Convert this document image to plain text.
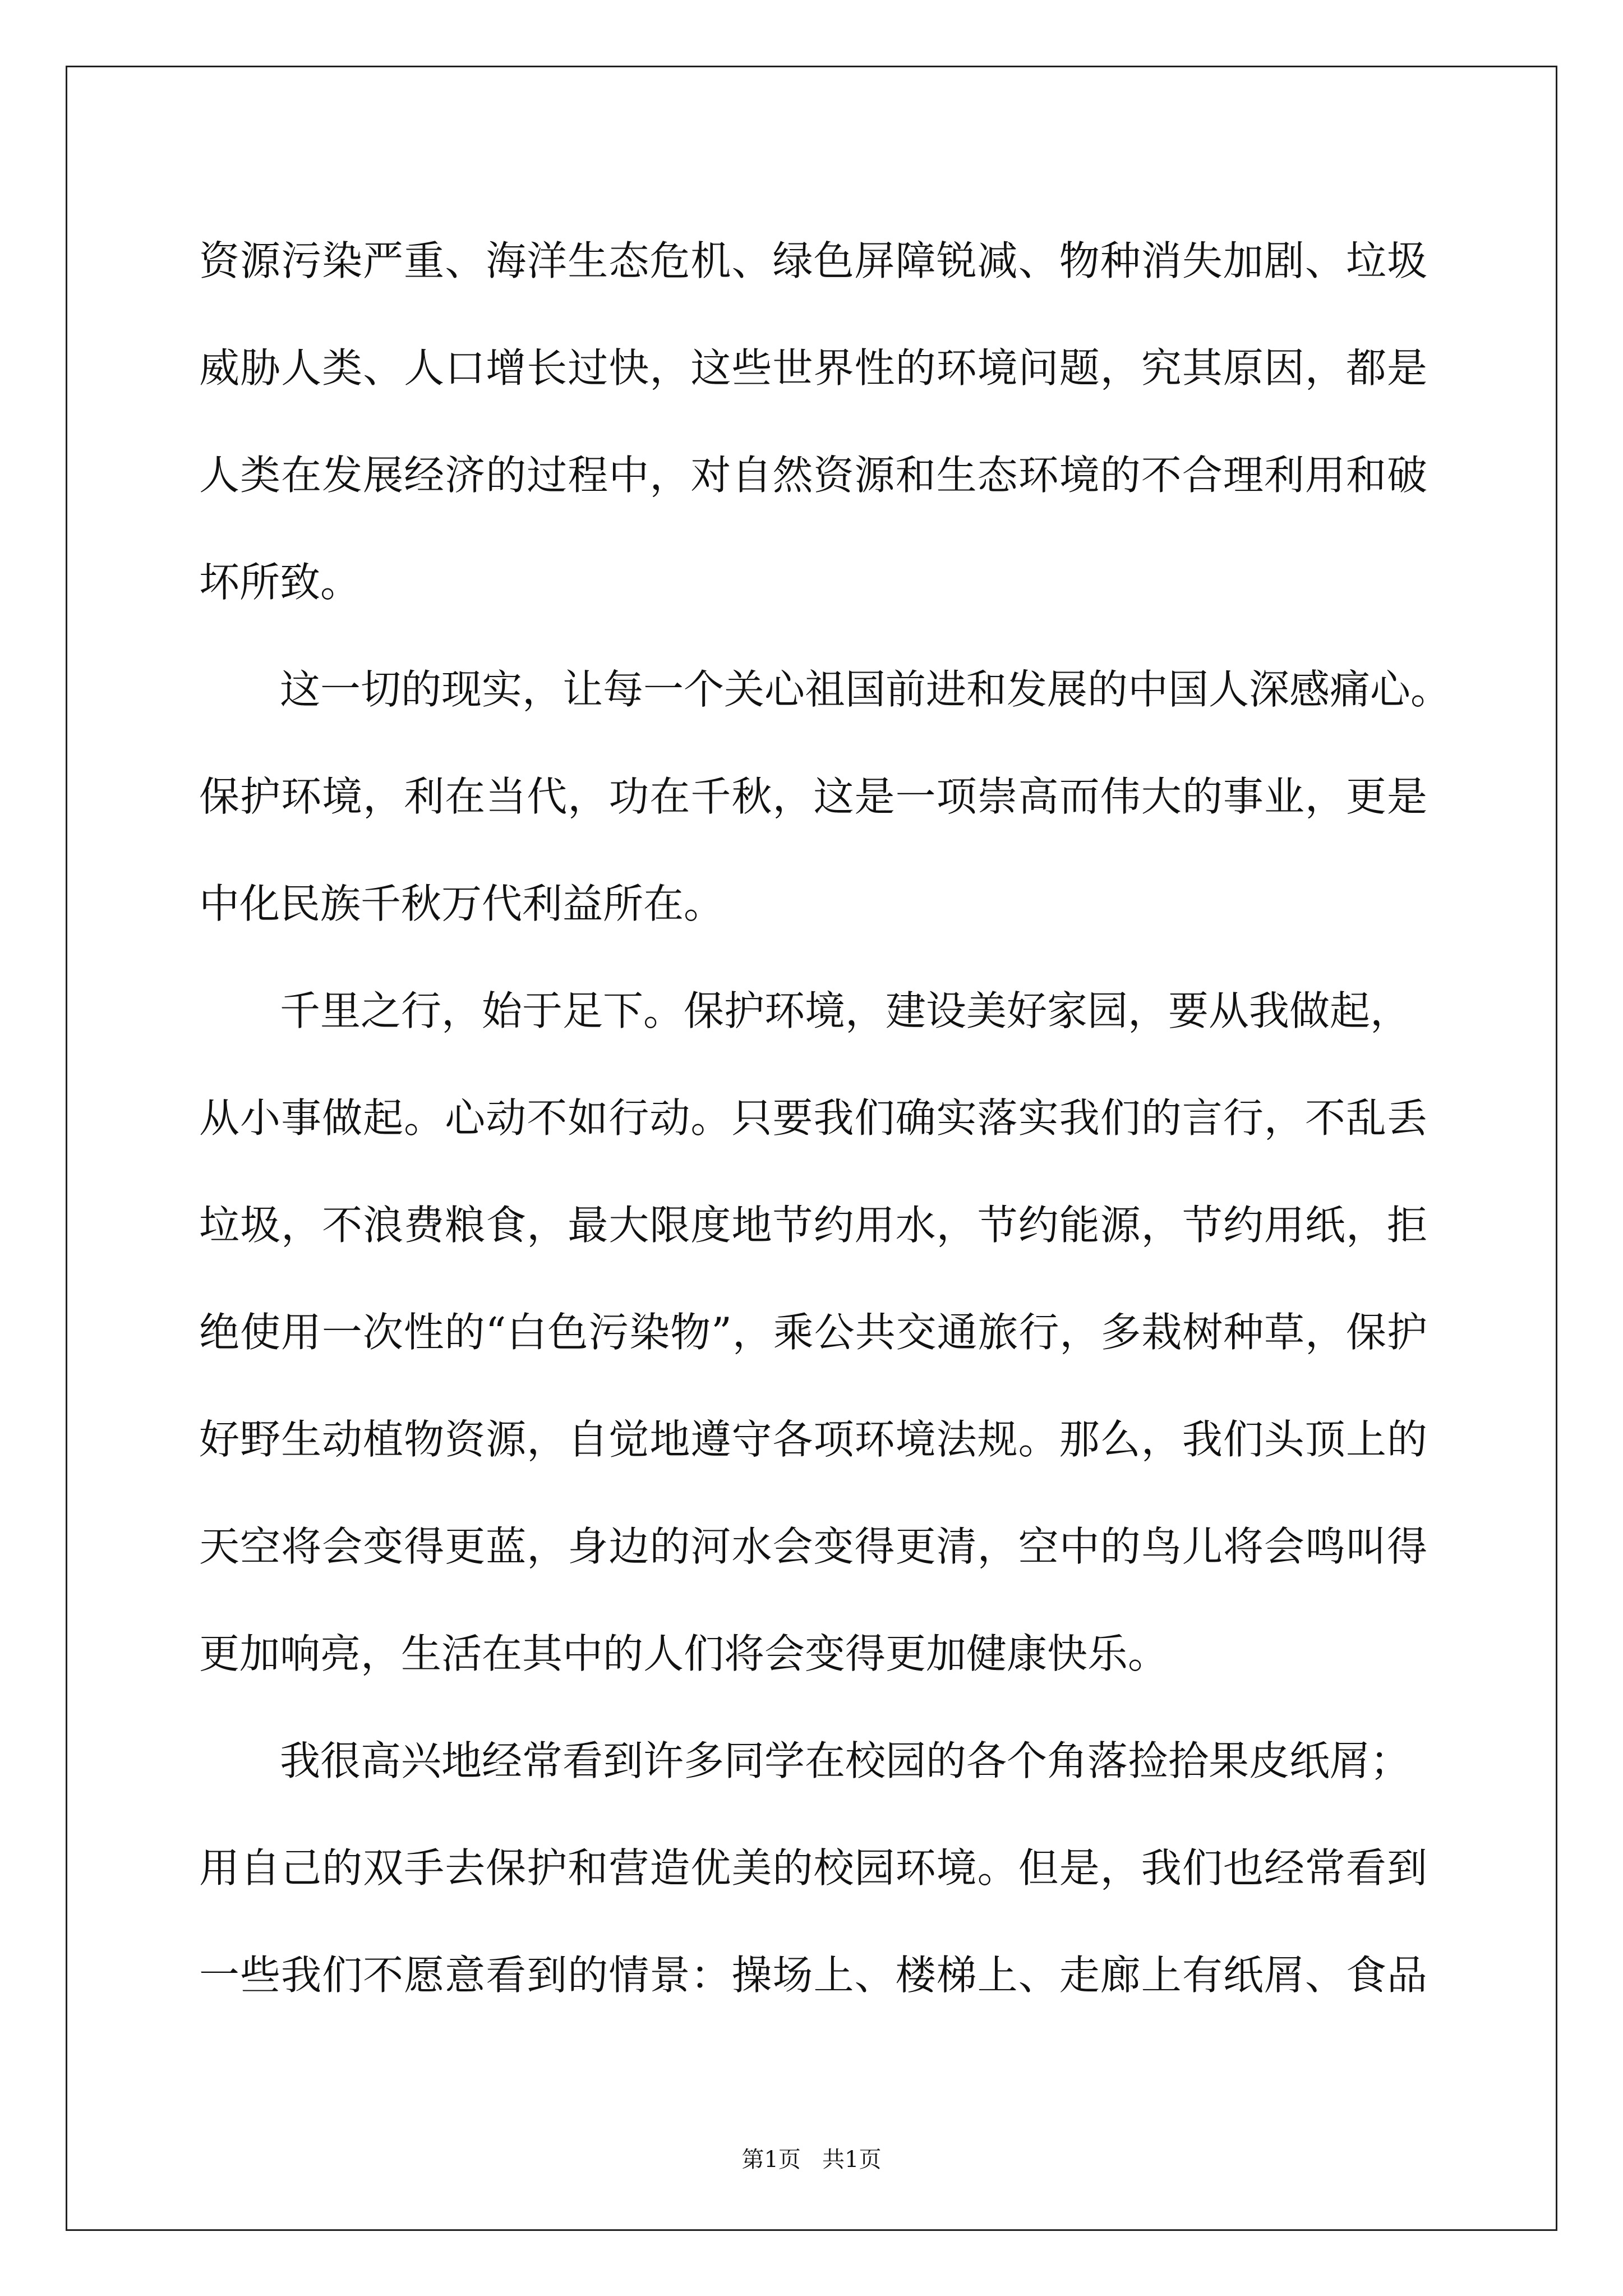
资源污染严重、海洋生态危机、绿色屏障锐减、物种消失加剧、垃圾
威胁人类、人口增长过快，这些世界性的环境问题，究其原因，都是
人类在发展经济的过程中，对自然资源和生态环境的不合理利用和破
坏所致。
这一切的现实，让每一个关心祖国前进和发展的中国人深感痛心。
保护环境，利在当代，功在千秋，这是一项崇高而伟大的事业，更是
中化民族千秋万代利益所在。
千里之行，始于足下。保护环境，建设美好家园，要从我做起，
从小事做起。心动不如行动。只要我们确实落实我们的言行，不乱丢
垃圾，不浪费粮食，最大限度地节约用水，节约能源，节约用纸，拒
绝使用一次性的“白色污染物”，乘公共交通旅行，多栽树种草，保护
好野生动植物资源，自觉地遵守各项环境法规。那么，我们头顶上的
天空将会变得更蓝，身边的河水会变得更清，空中的鸟儿将会鸣叫得
更加响亮，生活在其中的人们将会变得更加健康快乐。
我很高兴地经常看到许多同学在校园的各个角落捡拾果皮纸屑；
用自己的双手去保护和营造优美的校园环境。但是，我们也经常看到
一些我们不愿意看到的情景：操场上、楼梯上、走廊上有纸屑、食品
第1页   共1页
